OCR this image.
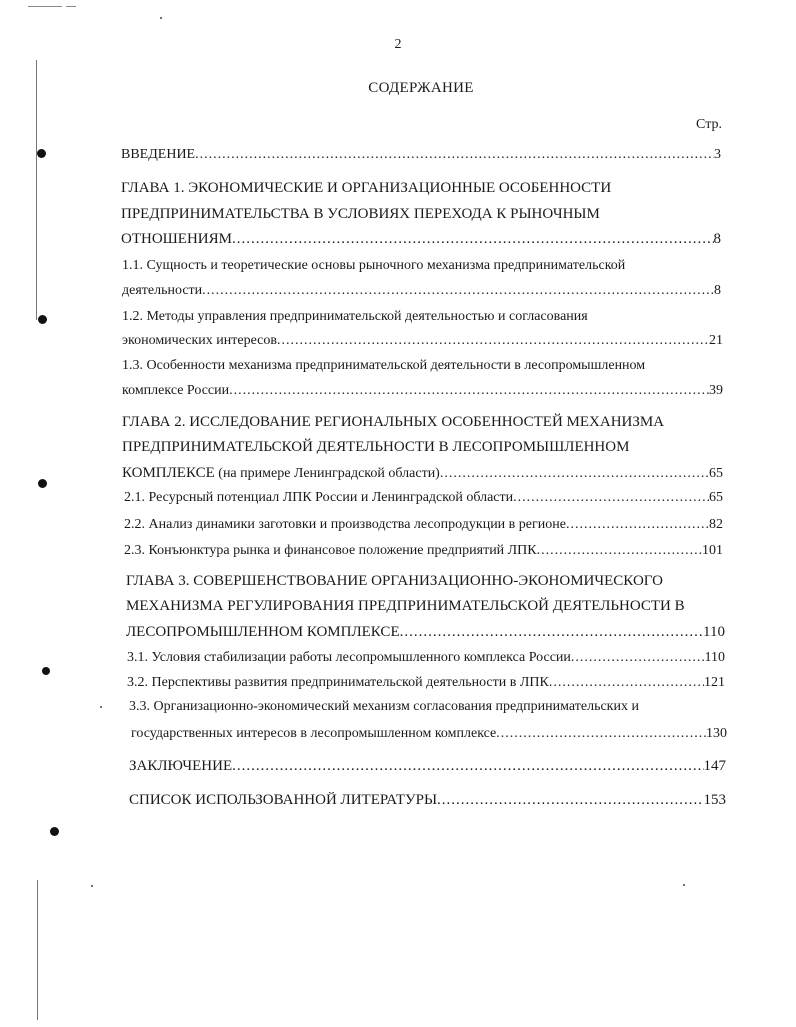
2
СОДЕРЖАНИЕ
Стр.
ВВЕДЕНИЕ .....	3
ГЛАВА 1. ЭКОНОМИЧЕСКИЕ И ОРГАНИЗАЦИОННЫЕ ОСОБЕННОСТИ
ПРЕДПРИНИМАТЕЛЬСТВА В УСЛОВИЯХ ПЕРЕХОДА К РЫНОЧНЫМ
ОТНОШЕНИЯМ .....	8
1.1. Сущность и теоретические основы рыночного механизма предпринимательской
деятельности .....	8
1.2. Методы управления предпринимательской деятельностью и согласования
экономических интересов .....	21
1.3. Особенности механизма предпринимательской деятельности в лесопромышленном
комплексе России .....	39
ГЛАВА 2. ИССЛЕДОВАНИЕ РЕГИОНАЛЬНЫХ ОСОБЕННОСТЕЙ МЕХАНИЗМА
ПРЕДПРИНИМАТЕЛЬСКОЙ ДЕЯТЕЛЬНОСТИ В ЛЕСОПРОМЫШЛЕННОМ
КОМПЛЕКСЕ (на примере Ленинградской области) .....	65
2.1. Ресурсный потенциал ЛПК России и Ленинградской области .....	65
2.2. Анализ динамики заготовки и производства лесопродукции в регионе .....	82
2.3. Конъюнктура рынка и финансовое положение предприятий ЛПК .....	101
ГЛАВА 3. СОВЕРШЕНСТВОВАНИЕ ОРГАНИЗАЦИОННО-ЭКОНОМИЧЕСКОГО
МЕХАНИЗМА РЕГУЛИРОВАНИЯ ПРЕДПРИНИМАТЕЛЬСКОЙ ДЕЯТЕЛЬНОСТИ В
ЛЕСОПРОМЫШЛЕННОМ КОМПЛЕКСЕ .....	110
3.1. Условия стабилизации работы лесопромышленного комплекса России .....	110
3.2. Перспективы развития предпринимательской деятельности в ЛПК .....	121
3.3. Организационно-экономический механизм согласования предпринимательских и
государственных интересов в лесопромышленном комплексе .....	130
ЗАКЛЮЧЕНИЕ .....	147
СПИСОК ИСПОЛЬЗОВАННОЙ ЛИТЕРАТУРЫ .....	153
